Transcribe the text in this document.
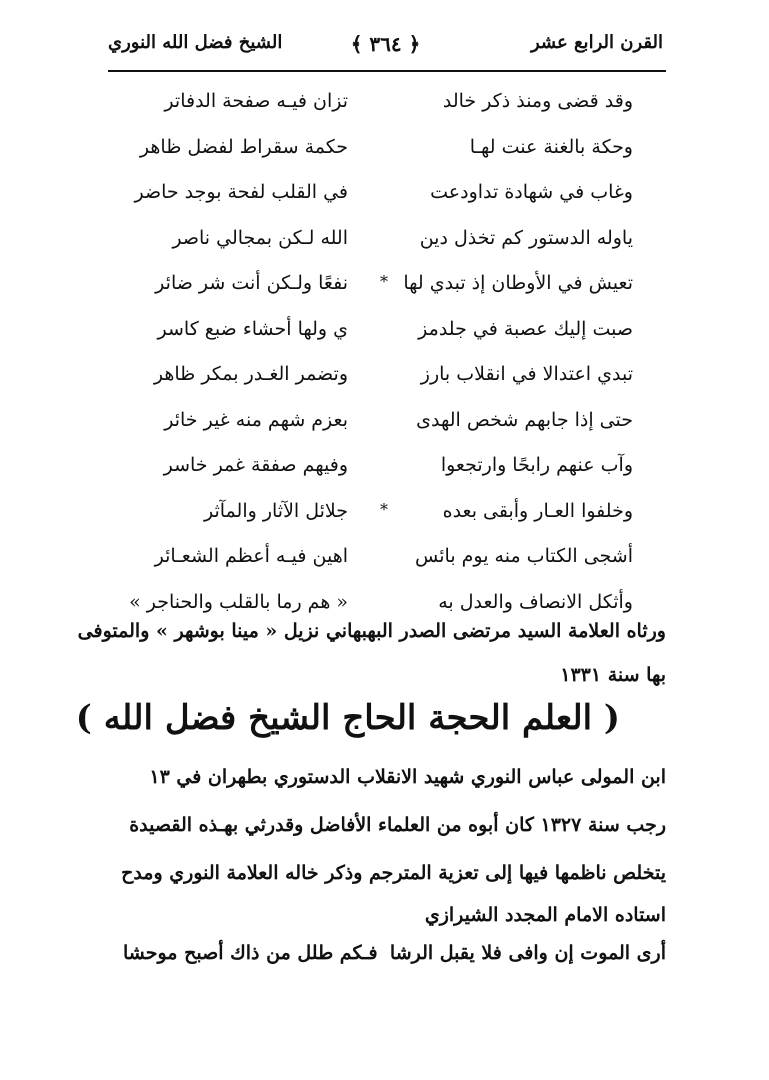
القرن الرابع عشر
﴿ ٣٦٤ ﴾
الشيخ فضل الله النوري
وقد قضى ومنذ ذكر خالد
تزان فيـه صفحة الدفاتر
وحكة بالغنة عنت لهـا
حكمة سقراط لفضل ظاهر
وغاب في شهادة تداودعت
في القلب لفحة بوجد حاضر
ياوله الدستور كم تخذل دين
الله لـكن بمجالي ناصر
تعيش في الأوطان إذ تبدي لها
*
نفعًا ولـكن أنت شر ضائر
صبت إليك عصبة في جلدمز
ي ولها أحشاء ضبع كاسر
تبدي اعتدالا في انقلاب بارز
وتضمر الغـدر بمكر ظاهر
حتى إذا جابهم شخص الهدى
بعزم شهم منه غير خائر
وآب عنهم رابحًا وارتجعوا
وفيهم صفقة غمر خاسر
وخلفوا العـار وأبقى بعده
*
جلائل الآثار والمآثر
أشجى الكتاب منه يوم بائس
اهين فيـه أعظم الشعـائر
وأثكل الانصاف والعدل به
« هم رما بالقلب والحناجر »
ورثاه العلامة السيد مرتضى الصدر البهبهاني نزيل « مينا بوشهر » والمتوفى
بها سنة ١٣٣١
( العلم الحجة الحاج الشيخ فضل الله )
ابن المولى عباس النوري شهيد الانقلاب الدستوري بطهران في ١٣
رجب سنة ١٣٢٧ كان أبوه من العلماء الأفاضل وقدرثي بهـذه القصيدة
يتخلص ناظمها فيها إلى تعزية المترجم وذكر خاله العلامة النوري ومدح
استاده الامام المجدد الشيرازي
أرى الموت إن وافى فلا يقبل الرشا
فـكم طلل من ذاك أصبح موحشا
